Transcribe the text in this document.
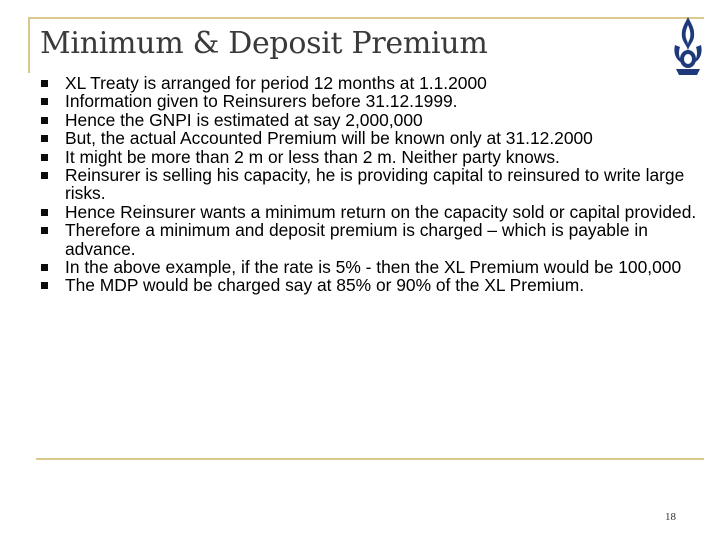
Minimum & Deposit Premium
XL Treaty is arranged for period 12 months at 1.1.2000
Information given to Reinsurers before 31.12.1999.
Hence the GNPI is estimated at say 2,000,000
But, the actual Accounted Premium will be known only at 31.12.2000
It might be more than 2 m or less than 2 m. Neither party knows.
Reinsurer is selling his capacity, he is providing capital to reinsured to write large risks.
Hence Reinsurer wants a minimum return on the capacity sold or capital provided.
Therefore a minimum and deposit premium is charged – which is payable in advance.
In the above example, if the rate is 5% - then the XL Premium would be 100,000
The MDP would be charged say at 85% or 90% of the XL Premium.
18
